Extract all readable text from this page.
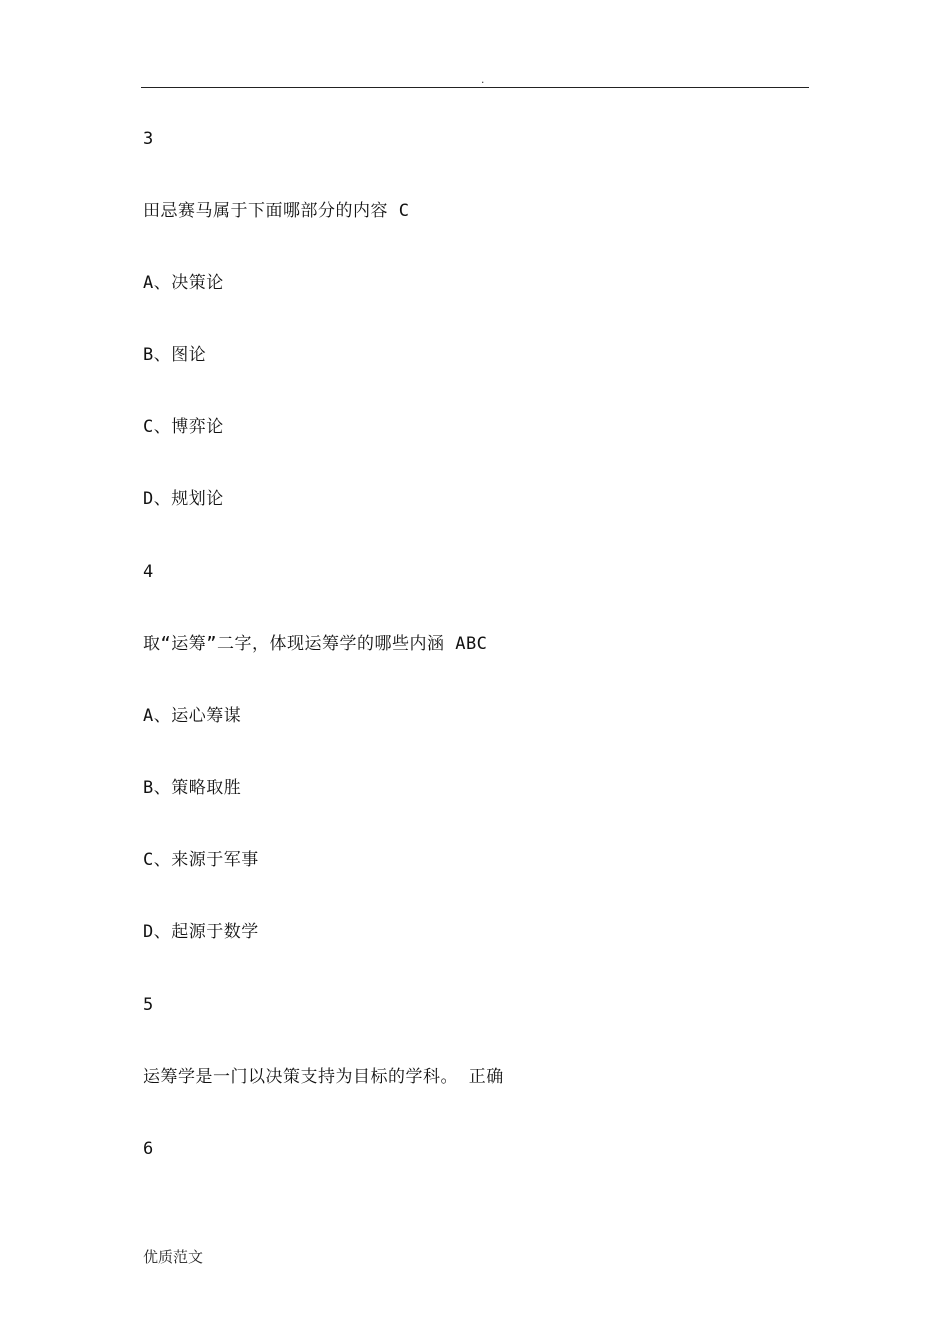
.
3
田忌赛马属于下面哪部分的内容 C
A、决策论
B、图论
C、博弈论
D、规划论
4
取“运筹”二字，体现运筹学的哪些内涵 ABC
A、运心筹谋
B、策略取胜
C、来源于军事
D、起源于数学
5
运筹学是一门以决策支持为目标的学科。 正确
6
优质范文
